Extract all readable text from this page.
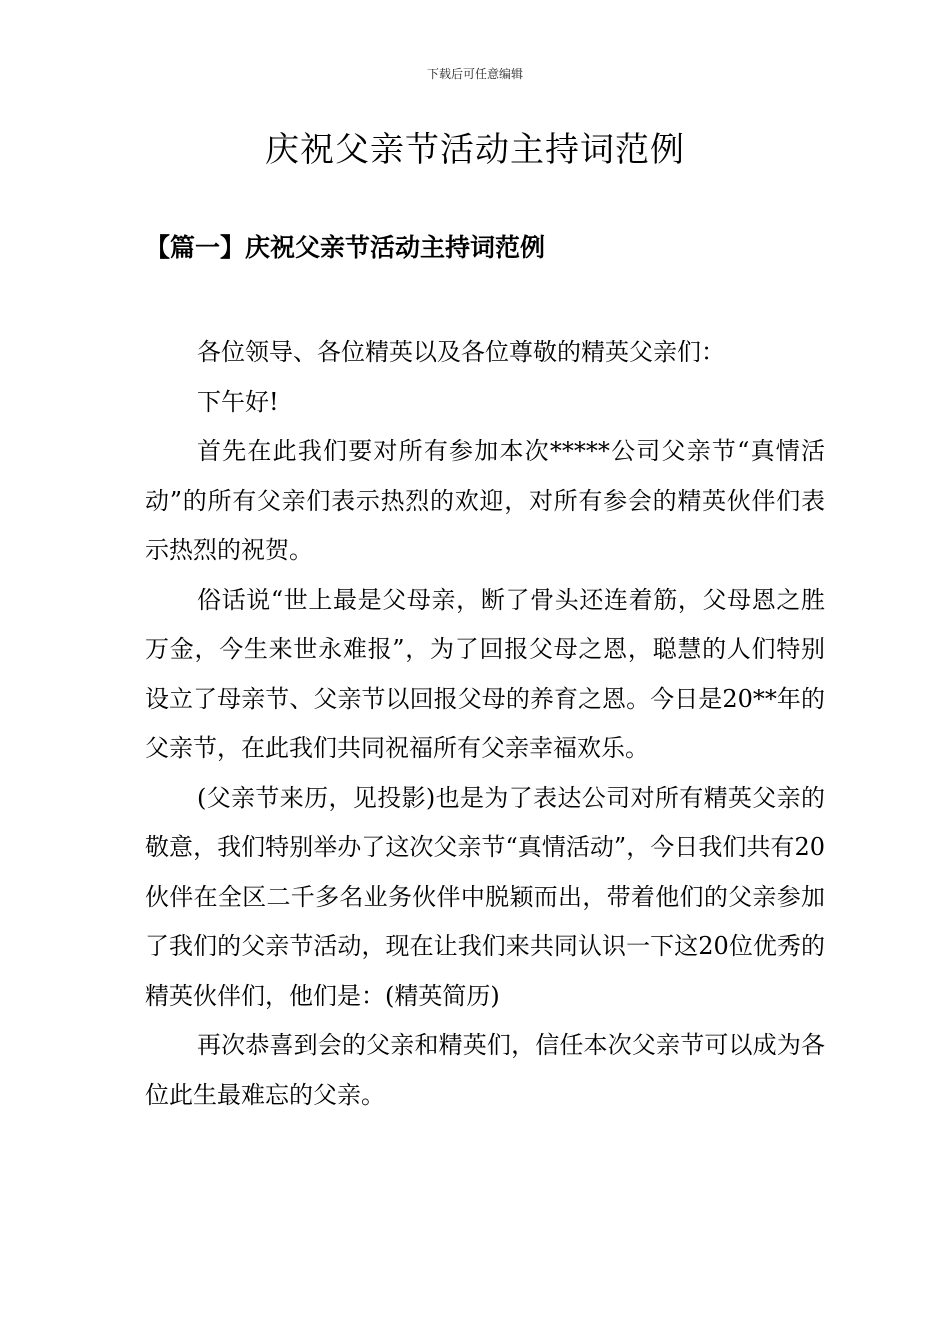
下载后可任意编辑
庆祝父亲节活动主持词范例
【篇一】庆祝父亲节活动主持词范例

各位领导、各位精英以及各位尊敬的精英父亲们：

下午好!

首先在此我们要对所有参加本次*****公司父亲节“真情活动”的所有父亲们表示热烈的欢迎，对所有参会的精英伙伴们表示热烈的祝贺。

俗话说“世上最是父母亲，断了骨头还连着筋，父母恩之胜万金，今生来世永难报”，为了回报父母之恩，聪慧的人们特别设立了母亲节、父亲节以回报父母的养育之恩。今日是20**年的父亲节，在此我们共同祝福所有父亲幸福欢乐。

(父亲节来历，见投影)也是为了表达公司对所有精英父亲的敬意，我们特别举办了这次父亲节“真情活动”，今日我们共有20伙伴在全区二千多名业务伙伴中脱颖而出，带着他们的父亲参加了我们的父亲节活动，现在让我们来共同认识一下这20位优秀的精英伙伴们，他们是：(精英简历)

再次恭喜到会的父亲和精英们，信任本次父亲节可以成为各位此生最难忘的父亲。
